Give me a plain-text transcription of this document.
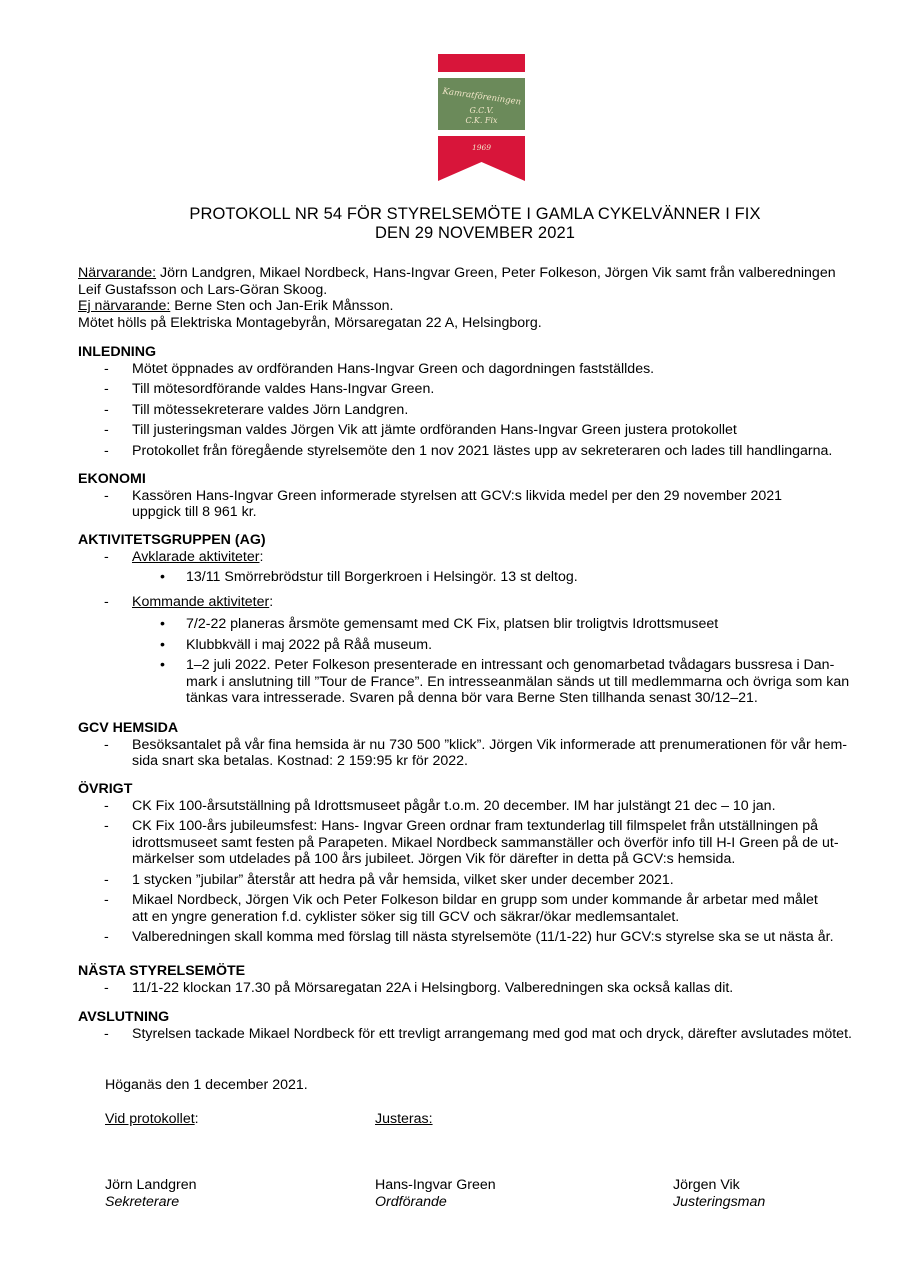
Kamratföreningen
G.C.V.
C.K. Fix
1969
PROTOKOLL NR 54 FÖR STYRELSEMÖTE I GAMLA CYKELVÄNNER I FIX
DEN 29 NOVEMBER 2021
Närvarande: Jörn Landgren, Mikael Nordbeck, Hans-Ingvar Green, Peter Folkeson, Jörgen Vik samt från valberedningen
Leif Gustafsson och Lars-Göran Skoog.
Ej närvarande: Berne Sten och Jan-Erik Månsson.
Mötet hölls på Elektriska Montagebyrån, Mörsaregatan 22 A, Helsingborg.
INLEDNING
- Mötet öppnades av ordföranden Hans-Ingvar Green och dagordningen fastställdes.
- Till mötesordförande valdes Hans-Ingvar Green.
- Till mötessekreterare valdes Jörn Landgren.
- Till justeringsman valdes Jörgen Vik att jämte ordföranden Hans-Ingvar Green justera protokollet
- Protokollet från föregående styrelsemöte den 1 nov 2021 lästes upp av sekreteraren och lades till handlingarna.
EKONOMI
- Kassören Hans-Ingvar Green informerade styrelsen att GCV:s likvida medel per den 29 november 2021
uppgick till 8 961 kr.
AKTIVITETSGRUPPEN (AG)
- Avklarade aktiviteter:
• 13/11 Smörrebrödstur till Borgerkroen i Helsingör. 13 st deltog.
- Kommande aktiviteter:
• 7/2-22 planeras årsmöte gemensamt med CK Fix, platsen blir troligtvis Idrottsmuseet
• Klubbkväll i maj 2022 på Råå museum.
• 1–2 juli 2022. Peter Folkeson presenterade en intressant och genomarbetad tvådagars bussresa i Dan-
mark i anslutning till ”Tour de France”. En intresseanmälan sänds ut till medlemmarna och övriga som kan
tänkas vara intresserade. Svaren på denna bör vara Berne Sten tillhanda senast 30/12–21.
GCV HEMSIDA
- Besöksantalet på vår fina hemsida är nu 730 500 ”klick”. Jörgen Vik informerade att prenumerationen för vår hem-
sida snart ska betalas. Kostnad: 2 159:95 kr för 2022.
ÖVRIGT
- CK Fix 100-årsutställning på Idrottsmuseet pågår t.o.m. 20 december. IM har julstängt 21 dec – 10 jan.
- CK Fix 100-års jubileumsfest: Hans- Ingvar Green ordnar fram textunderlag till filmspelet från utställningen på
idrottsmuseet samt festen på Parapeten. Mikael Nordbeck sammanställer och överför info till H-I Green på de ut-
märkelser som utdelades på 100 års jubileet. Jörgen Vik för därefter in detta på GCV:s hemsida.
- 1 stycken ”jubilar” återstår att hedra på vår hemsida, vilket sker under december 2021.
- Mikael Nordbeck, Jörgen Vik och Peter Folkeson bildar en grupp som under kommande år arbetar med målet
att en yngre generation f.d. cyklister söker sig till GCV och säkrar/ökar medlemsantalet.
- Valberedningen skall komma med förslag till nästa styrelsemöte (11/1-22) hur GCV:s styrelse ska se ut nästa år.
NÄSTA STYRELSEMÖTE
- 11/1-22 klockan 17.30 på Mörsaregatan 22A i Helsingborg. Valberedningen ska också kallas dit.
AVSLUTNING
- Styrelsen tackade Mikael Nordbeck för ett trevligt arrangemang med god mat och dryck, därefter avslutades mötet.
Höganäs den 1 december 2021.
Vid protokollet:	Justeras:
Jörn Landgren
Sekreterare
Hans-Ingvar Green
Ordförande
Jörgen Vik
Justeringsman
